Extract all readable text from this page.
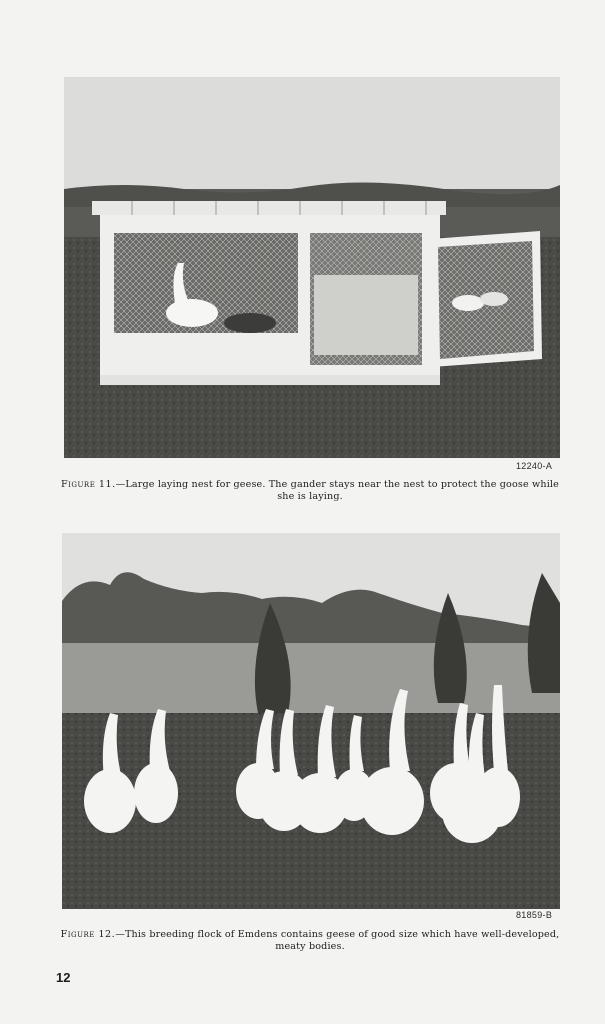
12240-A
Figure 11.—Large laying nest for geese. The gander stays near the nest to protect the goose while she is laying.
81859-B
Figure 12.—This breeding flock of Emdens contains geese of good size which have well-developed, meaty bodies.
12
